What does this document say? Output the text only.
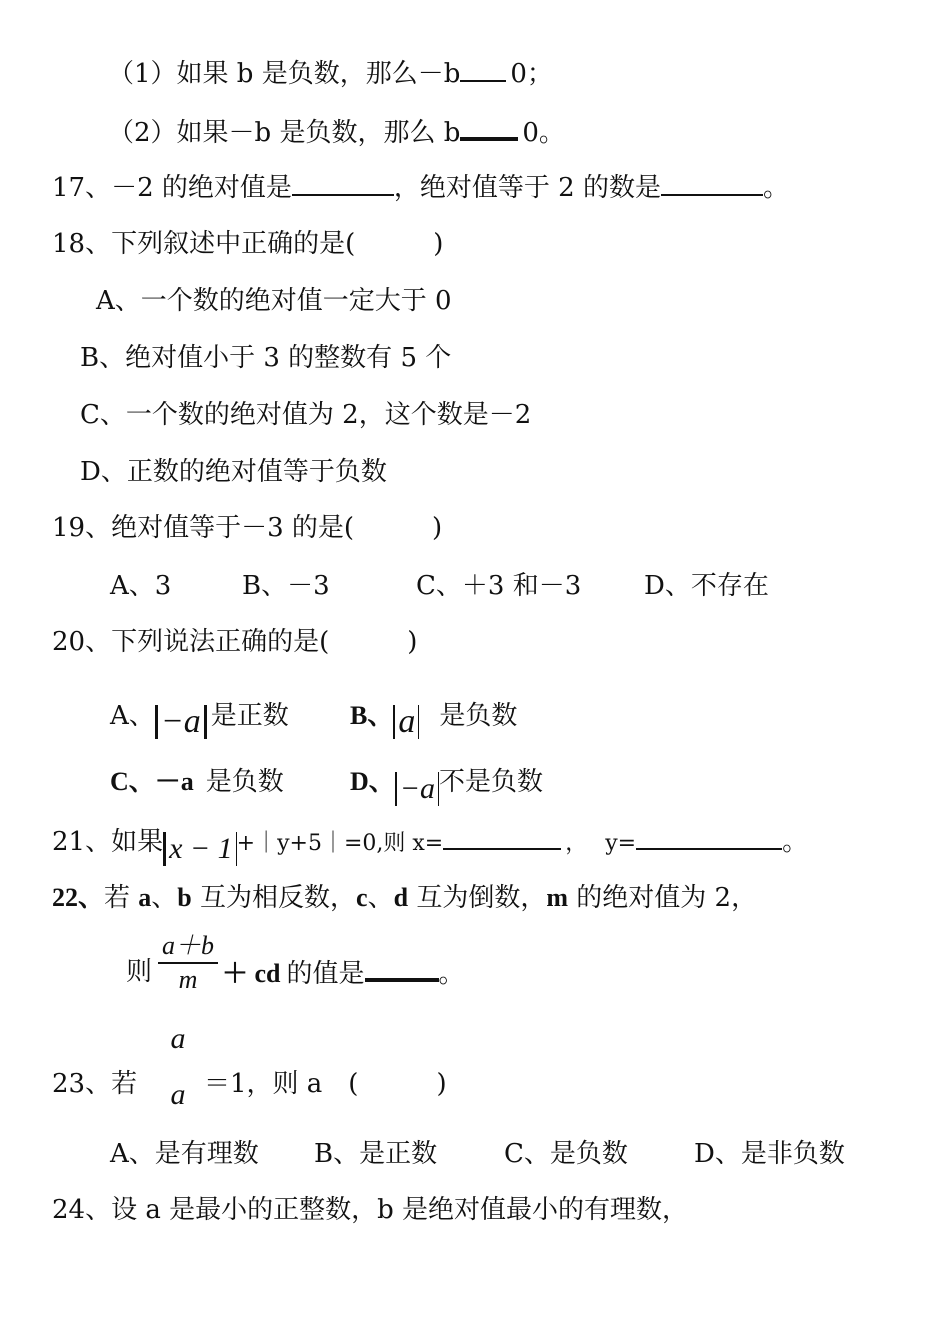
（1）如果 b 是负数，那么－b 0；
（2）如果－b 是负数，那么 b 0。
17、－2 的绝对值是	，绝对值等于 2 的数是	。
18、下列叙述中正确的是(　　　)
A、一个数的绝对值一定大于 0
B、绝对值小于 3 的整数有 5 个
C、一个数的绝对值为 2，这个数是－2
D、正数的绝对值等于负数
19、绝对值等于－3 的是(　　　)
A、3	B、－3	C、＋3 和－3 D、不存在
20、下列说法正确的是(　　　)
A、 −a 是正数 B、 a 是负数
C、－a 是负数	D、 −a 不是负数
21、如果 x − 1 +｜y+5｜=0,则 x=	，　 y=	。
22、若 a、b 互为相反数，c、d 互为倒数，m 的绝对值为 2，
则
a＋b
m ＋ cd 的值是	。
a
a
23、若	＝1，则 a　(　　　)
A、是有理数 B、是正数	C、是负数	D、是非负数
24、设 a 是最小的正整数，b 是绝对值最小的有理数，
